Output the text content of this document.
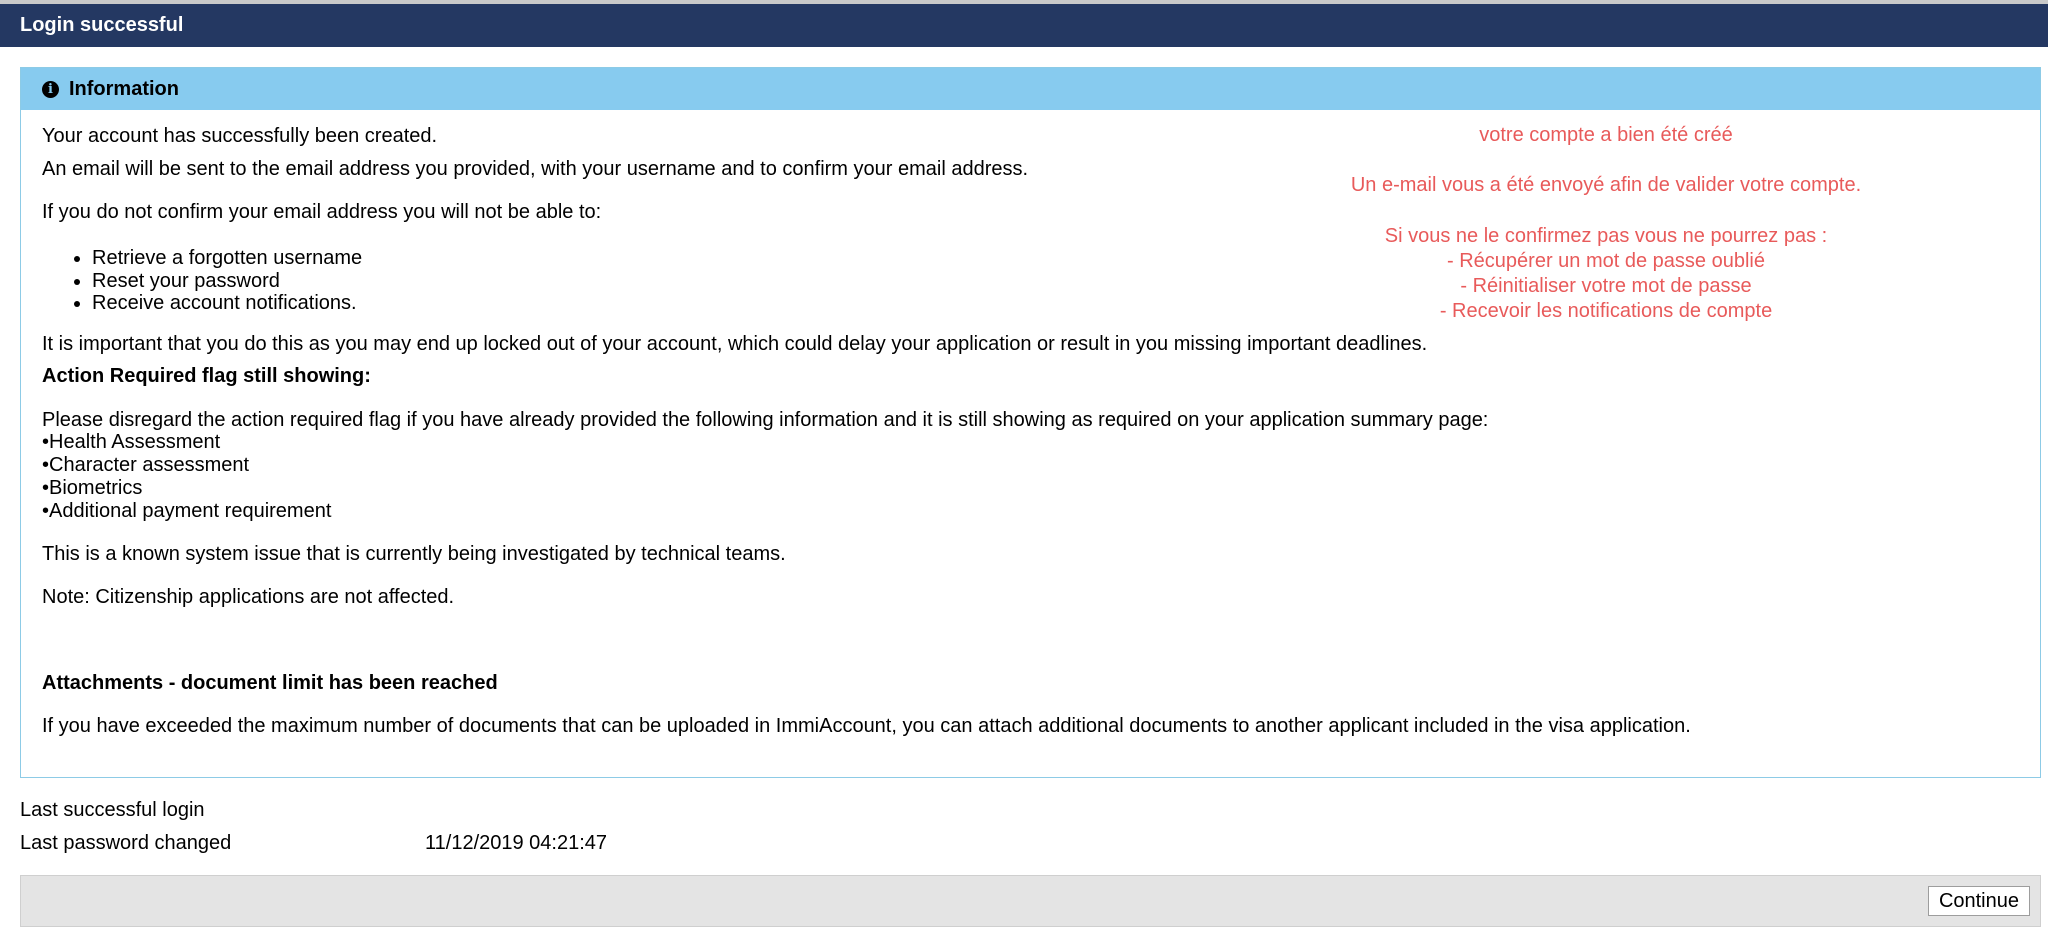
Login successful
i Information
Your account has successfully been created.
An email will be sent to the email address you provided, with your username and to confirm your email address.
If you do not confirm your email address you will not be able to:
• Retrieve a forgotten username
• Reset your password
• Receive account notifications.
It is important that you do this as you may end up locked out of your account, which could delay your application or result in you missing important deadlines.
Action Required flag still showing:
Please disregard the action required flag if you have already provided the following information and it is still showing as required on your application summary page:
•Health Assessment
•Character assessment
•Biometrics
•Additional payment requirement
This is a known system issue that is currently being investigated by technical teams.
Note: Citizenship applications are not affected.
Attachments - document limit has been reached
If you have exceeded the maximum number of documents that can be uploaded in ImmiAccount, you can attach additional documents to another applicant included in the visa application.
votre compte a bien été créé
Un e-mail vous a été envoyé afin de valider votre compte.
Si vous ne le confirmez pas vous ne pourrez pas :
- Récupérer un mot de passe oublié
- Réinitialiser votre mot de passe
- Recevoir les notifications de compte
Last successful login
Last password changed	11/12/2019 04:21:47
Continue
